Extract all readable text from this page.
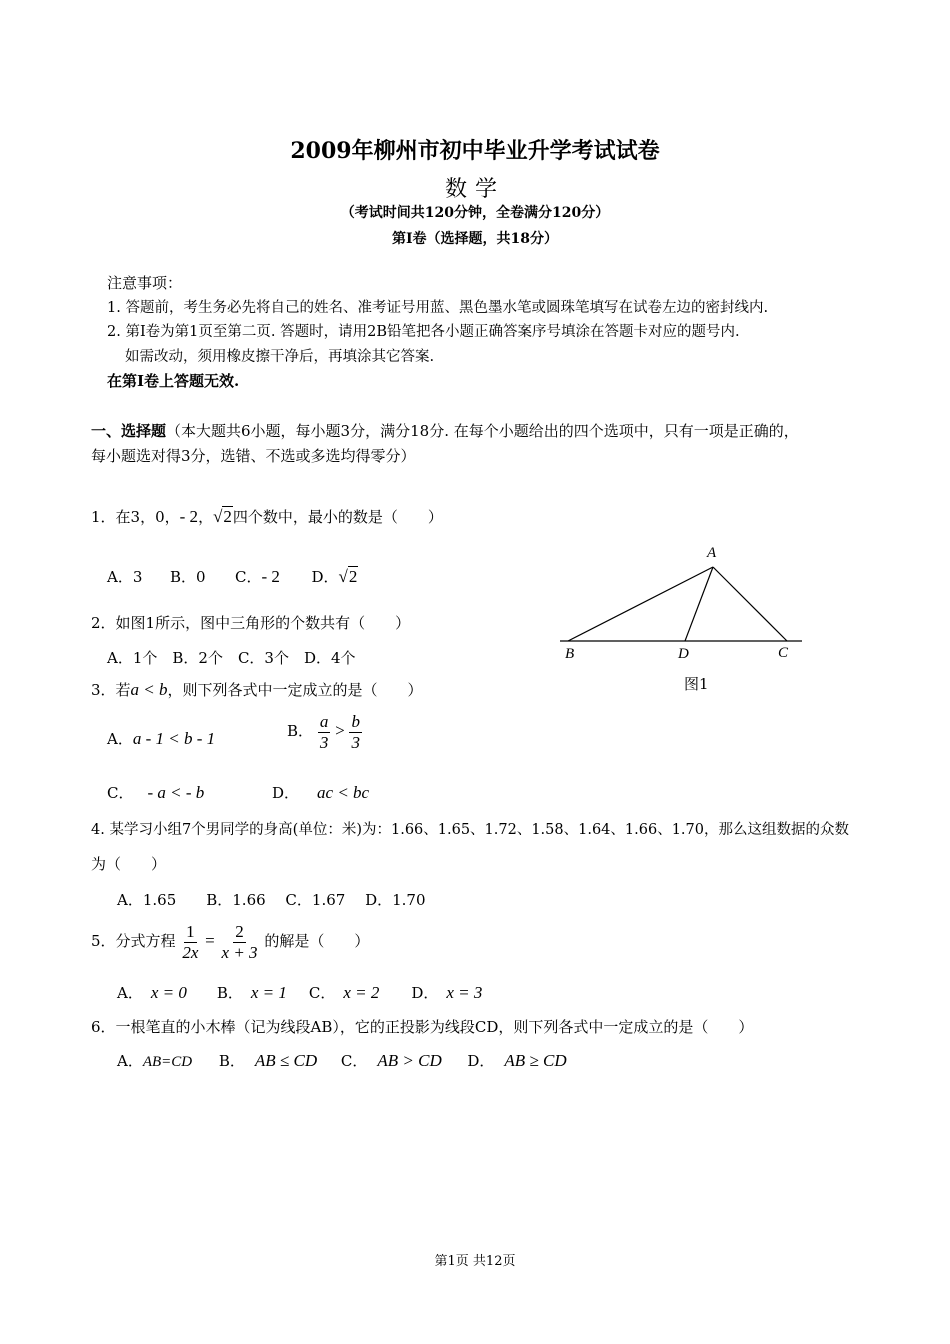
2009年柳州市初中毕业升学考试试卷
数学
（考试时间共120分钟，全卷满分120分）
第Ⅰ卷（选择题，共18分）
注意事项：
1. 答题前，考生务必先将自己的姓名、准考证号用蓝、黑色墨水笔或圆珠笔填写在试卷左边的密封线内.
2. 第Ⅰ卷为第1页至第二页. 答题时，请用2B铅笔把各小题正确答案序号填涂在答题卡对应的题号内.
如需改动，须用橡皮擦干净后，再填涂其它答案.
在第Ⅰ卷上答题无效.
一、选择题（本大题共6小题，每小题3分，满分18分. 在每个小题给出的四个选项中，只有一项是正确的，
每小题选对得3分，选错、不选或多选均得零分）
1．在3，0，- 2，√2四个数中，最小的数是（　　）
A．3 B．0 C．- 2 D．√2
2．如图1所示，图中三角形的个数共有（　　）
A．1个　B．2个　C．3个　D．4个
3．若a < b，则下列各式中一定成立的是（　　）
A．a - 1 < b - 1	B． $\frac{a}{3} > \frac{b}{3}$
C． - a < - b	D． ac < bc
4. 某学习小组7个男同学的身高(单位：米)为：1.66、1.65、1.72、1.58、1.64、1.66、1.70，那么这组数据的众数
为（　　）
A．1.65　　B．1.66　 C．1.67　 D．1.70
5．分式方程 $\frac{1}{2x} = \frac{2}{x + 3}$ 的解是（　　）
A． x = 0 B． x = 1 C． x = 2 D． x = 3
6．一根笔直的小木棒（记为线段AB），它的正投影为线段CD，则下列各式中一定成立的是（　　）
A．AB=CD B． AB ≤ CD C． AB > CD D． AB ≥ CD
A
B	D	C
图1
第1页 共12页
